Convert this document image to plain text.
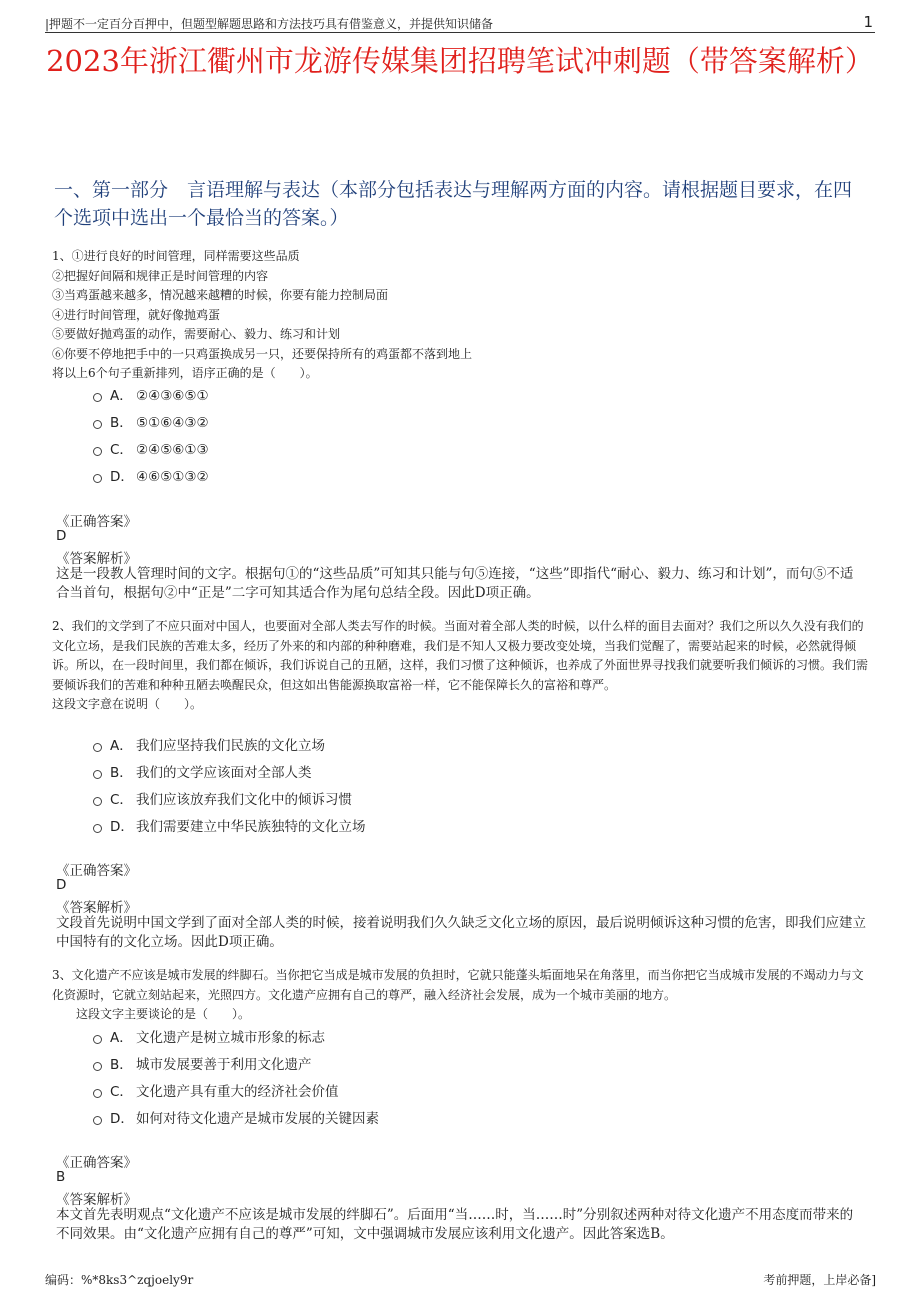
|押题不一定百分百押中，但题型解题思路和方法技巧具有借鉴意义，并提供知识储备	1
2023年浙江衢州市龙游传媒集团招聘笔试冲刺题（带答案解析）
一、第一部分　言语理解与表达（本部分包括表达与理解两方面的内容。请根据题目要求，在四个选项中选出一个最恰当的答案。）

1、①进行良好的时间管理，同样需要这些品质

②把握好间隔和规律正是时间管理的内容

③当鸡蛋越来越多，情况越来越糟的时候，你要有能力控制局面

④进行时间管理，就好像抛鸡蛋

⑤要做好抛鸡蛋的动作，需要耐心、毅力、练习和计划

⑥你要不停地把手中的一只鸡蛋换成另一只，还要保持所有的鸡蛋都不落到地上

将以上6个句子重新排列，语序正确的是（　　）。

A． ②④③⑥⑤①
B． ⑤①⑥④③②
C． ②④⑤⑥①③
D． ④⑥⑤①③②
《正确答案》
D
《答案解析》
这是一段教人管理时间的文字。根据句①的“这些品质”可知其只能与句⑤连接，“这些”即指代“耐心、毅力、练习和计划”，而句⑤不适合当首句，根据句②中“正是”二字可知其适合作为尾句总结全段。因此D项正确。

2、我们的文学到了不应只面对中国人，也要面对全部人类去写作的时候。当面对着全部人类的时候，以什么样的面目去面对？我们之所以久久没有我们的文化立场，是我们民族的苦难太多，经历了外来的和内部的种种磨难，我们是不知人又极力要改变处境，当我们觉醒了，需要站起来的时候，必然就得倾诉。所以，在一段时间里，我们都在倾诉，我们诉说自己的丑陋，这样，我们习惯了这种倾诉，也养成了外面世界寻找我们就要听我们倾诉的习惯。我们需要倾诉我们的苦难和种种丑陋去唤醒民众，但这如出售能源换取富裕一样，它不能保障长久的富裕和尊严。

这段文字意在说明（　　）。

A． 我们应坚持我们民族的文化立场
B． 我们的文学应该面对全部人类
C． 我们应该放弃我们文化中的倾诉习惯
D． 我们需要建立中华民族独特的文化立场
《正确答案》
D
《答案解析》
文段首先说明中国文学到了面对全部人类的时候，接着说明我们久久缺乏文化立场的原因，最后说明倾诉这种习惯的危害，即我们应建立中国特有的文化立场。因此D项正确。

3、文化遗产不应该是城市发展的绊脚石。当你把它当成是城市发展的负担时，它就只能蓬头垢面地呆在角落里，而当你把它当成城市发展的不竭动力与文化资源时，它就立刻站起来，光照四方。文化遗产应拥有自己的尊严，融入经济社会发展，成为一个城市美丽的地方。

　　这段文字主要谈论的是（　　）。

A． 文化遗产是树立城市形象的标志
B． 城市发展要善于利用文化遗产
C． 文化遗产具有重大的经济社会价值
D． 如何对待文化遗产是城市发展的关键因素
《正确答案》
B
《答案解析》
本文首先表明观点“文化遗产不应该是城市发展的绊脚石”。后面用“当……时，当……时”分别叙述两种对待文化遗产不用态度而带来的不同效果。由“文化遗产应拥有自己的尊严”可知，文中强调城市发展应该利用文化遗产。因此答案选B。
编码：%*8ks3^zqjoely9r	考前押题，上岸必备]
